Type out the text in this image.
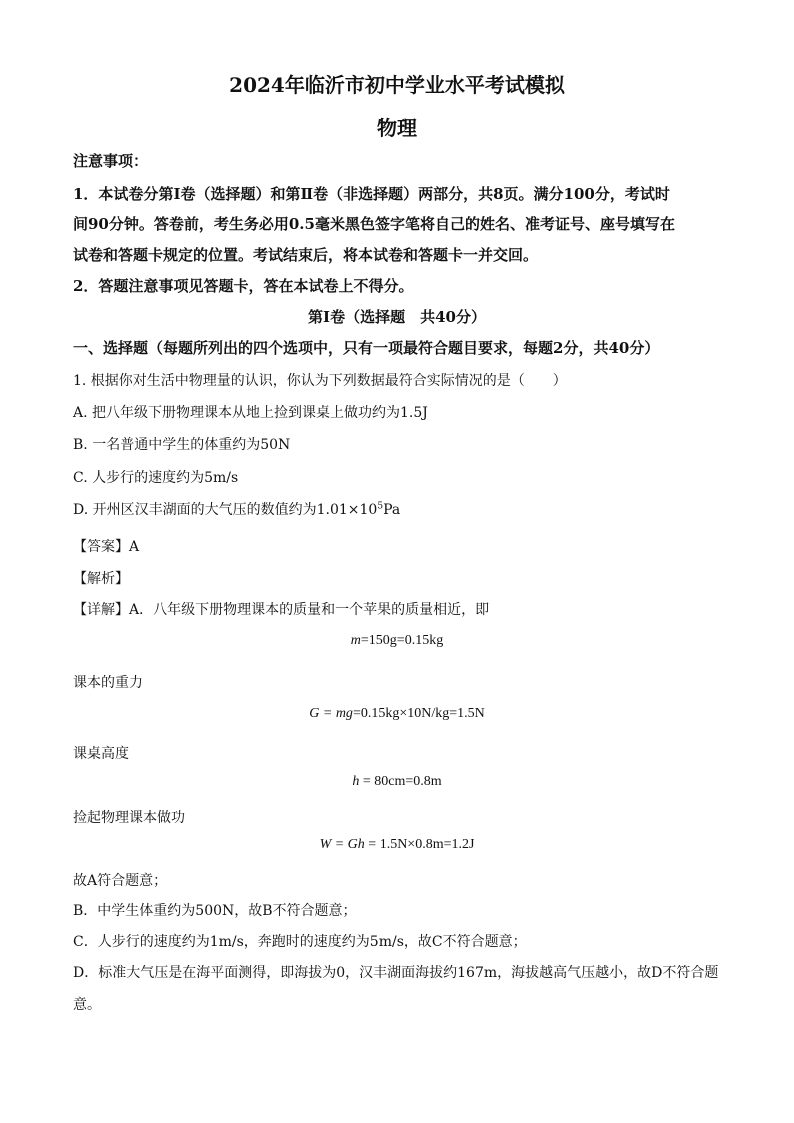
2024年临沂市初中学业水平考试模拟
物理
注意事项：
1．本试卷分第Ⅰ卷（选择题）和第Ⅱ卷（非选择题）两部分，共8页。满分100分，考试时
间90分钟。答卷前，考生务必用0.5毫米黑色签字笔将自己的姓名、准考证号、座号填写在
试卷和答题卡规定的位置。考试结束后，将本试卷和答题卡一并交回。
2．答题注意事项见答题卡，答在本试卷上不得分。
第Ⅰ卷（选择题　共40分）
一、选择题（每题所列出的四个选项中，只有一项最符合题目要求，每题2分，共40分）
1. 根据你对生活中物理量的认识，你认为下列数据最符合实际情况的是（　　）
A. 把八年级下册物理课本从地上捡到课桌上做功约为1.5J
B. 一名普通中学生的体重约为50N
C. 人步行的速度约为5m/s
D. 开州区汉丰湖面的大气压的数值约为$1.01\times 10^5Pa$
【答案】A
【解析】
【详解】A．八年级下册物理课本的质量和一个苹果的质量相近，即
m=150g=0.15kg
课本的重力
G = mg=0.15kg×10N/kg=1.5N
课桌高度
h = 80cm=0.8m
捡起物理课本做功
W = Gh = 1.5N×0.8m=1.2J
故A符合题意；
B．中学生体重约为500N，故B不符合题意；
C．人步行的速度约为1m/s，奔跑时的速度约为5m/s，故C不符合题意；
D．标准大气压是在海平面测得，即海拔为0，汉丰湖面海拔约167m，海拔越高气压越小，故D不符合题
意。
